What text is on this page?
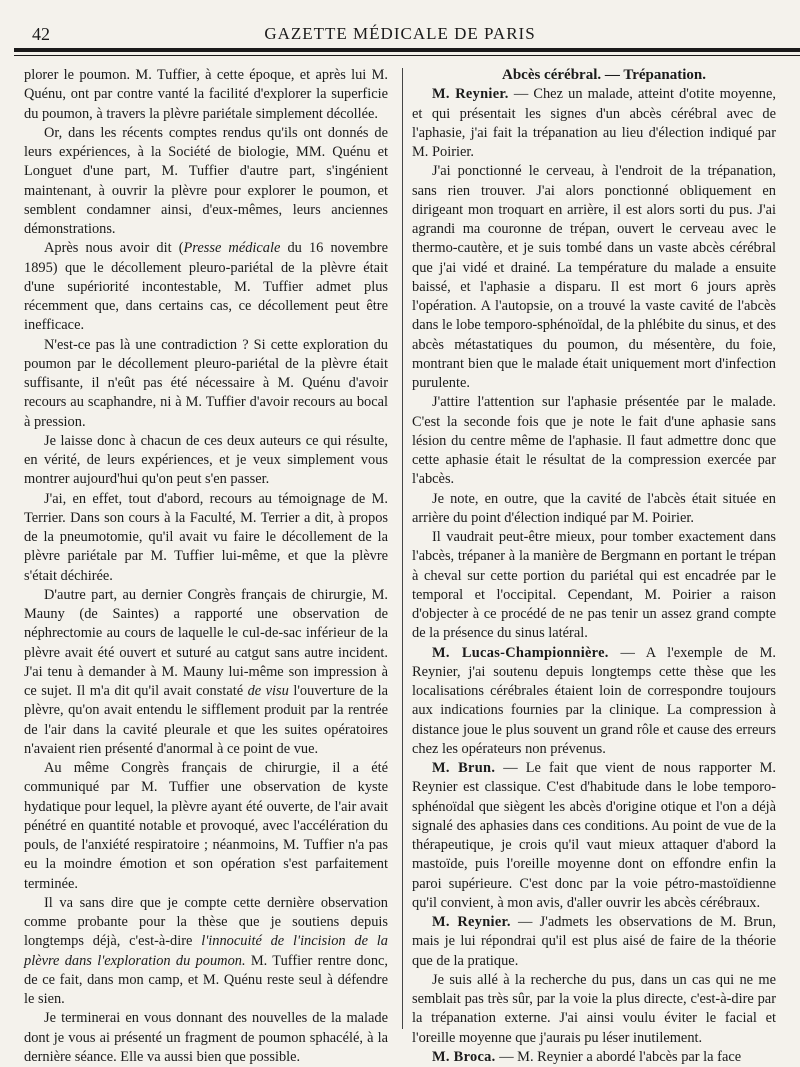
42	GAZETTE MÉDICALE DE PARIS

plorer le poumon. M. Tuffier, à cette époque, et après lui M. Quénu, ont par contre vanté la facilité d'explorer la superficie du poumon, à travers la plèvre pariétale simplement décollée.

Or, dans les récents comptes rendus qu'ils ont donnés de leurs expériences, à la Société de biologie, MM. Quénu et Longuet d'une part, M. Tuffier d'autre part, s'ingénient maintenant, à ouvrir la plèvre pour explorer le poumon, et semblent condamner ainsi, d'eux-mêmes, leurs anciennes démonstrations.

Après nous avoir dit (Presse médicale du 16 novembre 1895) que le décollement pleuro-pariétal de la plèvre était d'une supériorité incontestable, M. Tuffier admet plus récemment que, dans certains cas, ce décollement peut être inefficace.

N'est-ce pas là une contradiction ? Si cette exploration du poumon par le décollement pleuro-pariétal de la plèvre était suffisante, il n'eût pas été nécessaire à M. Quénu d'avoir recours au scaphandre, ni à M. Tuffier d'avoir recours au bocal à pression.

Je laisse donc à chacun de ces deux auteurs ce qui résulte, en vérité, de leurs expériences, et je veux simplement vous montrer aujourd'hui qu'on peut s'en passer.

J'ai, en effet, tout d'abord, recours au témoignage de M. Terrier. Dans son cours à la Faculté, M. Terrier a dit, à propos de la pneumotomie, qu'il avait vu faire le décollement de la plèvre pariétale par M. Tuffier lui-même, et que la plèvre s'était déchirée.

D'autre part, au dernier Congrès français de chirurgie, M. Mauny (de Saintes) a rapporté une observation de néphrectomie au cours de laquelle le cul-de-sac inférieur de la plèvre avait été ouvert et suturé au catgut sans autre incident. J'ai tenu à demander à M. Mauny lui-même son impression à ce sujet. Il m'a dit qu'il avait constaté de visu l'ouverture de la plèvre, qu'on avait entendu le sifflement produit par la rentrée de l'air dans la cavité pleurale et que les suites opératoires n'avaient rien présenté d'anormal à ce point de vue.

Au même Congrès français de chirurgie, il a été communiqué par M. Tuffier une observation de kyste hydatique pour lequel, la plèvre ayant été ouverte, de l'air avait pénétré en quantité notable et provoqué, avec l'accélération du pouls, de l'anxiété respiratoire ; néanmoins, M. Tuffier n'a pas eu la moindre émotion et son opération s'est parfaitement terminée.

Il va sans dire que je compte cette dernière observation comme probante pour la thèse que je soutiens depuis longtemps déjà, c'est-à-dire l'innocuité de l'incision de la plèvre dans l'exploration du poumon. M. Tuffier rentre donc, de ce fait, dans mon camp, et M. Quénu reste seul à défendre le sien.

Je terminerai en vous donnant des nouvelles de la malade dont je vous ai présenté un fragment de poumon sphacélé, à la dernière séance. Elle va aussi bien que possible.

Abcès cérébral. — Trépanation.

M. Reynier. — Chez un malade, atteint d'otite moyenne, et qui présentait les signes d'un abcès cérébral avec de l'aphasie, j'ai fait la trépanation au lieu d'élection indiqué par M. Poirier.

J'ai ponctionné le cerveau, à l'endroit de la trépanation, sans rien trouver. J'ai alors ponctionné obliquement en dirigeant mon troquart en arrière, il est alors sorti du pus. J'ai agrandi ma couronne de trépan, ouvert le cerveau avec le thermo-cautère, et je suis tombé dans un vaste abcès cérébral que j'ai vidé et drainé. La température du malade a ensuite baissé, et l'aphasie a disparu. Il est mort 6 jours après l'opération. A l'autopsie, on a trouvé la vaste cavité de l'abcès dans le lobe temporo-sphénoïdal, de la phlébite du sinus, et des abcès métastatiques du poumon, du mésentère, du foie, montrant bien que le malade était uniquement mort d'infection purulente.

J'attire l'attention sur l'aphasie présentée par le malade. C'est la seconde fois que je note le fait d'une aphasie sans lésion du centre même de l'aphasie. Il faut admettre donc que cette aphasie était le résultat de la compression exercée par l'abcès.

Je note, en outre, que la cavité de l'abcès était située en arrière du point d'élection indiqué par M. Poirier.

Il vaudrait peut-être mieux, pour tomber exactement dans l'abcès, trépaner à la manière de Bergmann en portant le trépan à cheval sur cette portion du pariétal qui est encadrée par le temporal et l'occipital. Cependant, M. Poirier a raison d'objecter à ce procédé de ne pas tenir un assez grand compte de la présence du sinus latéral.

M. Lucas-Championnière. — A l'exemple de M. Reynier, j'ai soutenu depuis longtemps cette thèse que les localisations cérébrales étaient loin de correspondre toujours aux indications fournies par la clinique. La compression à distance joue le plus souvent un grand rôle et cause des erreurs chez les opérateurs non prévenus.

M. Brun. — Le fait que vient de nous rapporter M. Reynier est classique. C'est d'habitude dans le lobe temporo-sphénoïdal que siègent les abcès d'origine otique et l'on a déjà signalé des aphasies dans ces conditions. Au point de vue de la thérapeutique, je crois qu'il vaut mieux attaquer d'abord la mastoïde, puis l'oreille moyenne dont on effondre enfin la paroi supérieure. C'est donc par la voie pétro-mastoïdienne qu'il convient, à mon avis, d'aller ouvrir les abcès cérébraux.

M. Reynier. — J'admets les observations de M. Brun, mais je lui répondrai qu'il est plus aisé de faire de la théorie que de la pratique.

Je suis allé à la recherche du pus, dans un cas qui ne me semblait pas très sûr, par la voie la plus directe, c'est-à-dire par la trépanation externe. J'ai ainsi voulu éviter le facial et l'oreille moyenne que j'aurais pu léser inutilement.

M. Broca. — M. Reynier a abordé l'abcès par la face
